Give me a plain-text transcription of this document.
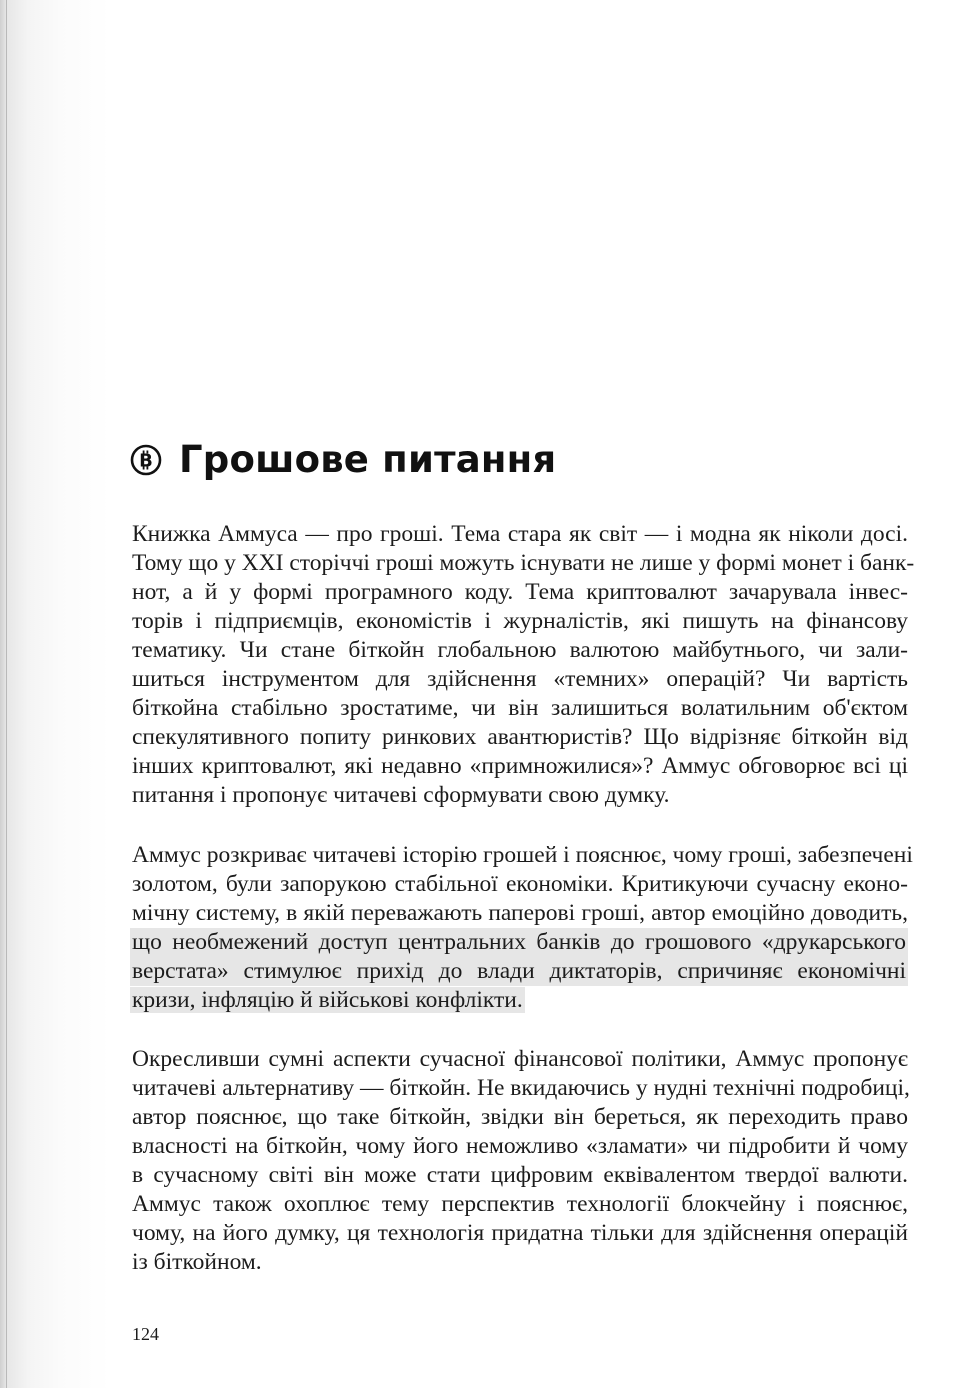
B Грошове питання
Книжка Аммуса — про гроші. Тема стара як світ — і модна як ніколи досі.
Тому що у XXI сторіччі гроші можуть існувати не лише у формі монет і банк-
нот, а й у формі програмного коду. Тема криптовалют зачарувала інвес-
торів і підприємців, економістів і журналістів, які пишуть на фінансову
тематику. Чи стане біткойн глобальною валютою майбутнього, чи зали-
шиться інструментом для здійснення «темних» операцій? Чи вартість
біткойна стабільно зростатиме, чи він залишиться волатильним об'єктом
спекулятивного попиту ринкових авантюристів? Що відрізняє біткойн від
інших криптовалют, які недавно «примножилися»? Аммус обговорює всі ці
питання і пропонує читачеві сформувати свою думку.
Аммус розкриває читачеві історію грошей і пояснює, чому гроші, забезпечені
золотом, були запорукою стабільної економіки. Критикуючи сучасну еконо-
мічну систему, в якій переважають паперові гроші, автор емоційно доводить,
що необмежений доступ центральних банків до грошового «друкарського
верстата» стимулює прихід до влади диктаторів, спричиняє економічні
кризи, інфляцію й військові конфлікти.
Окресливши сумні аспекти сучасної фінансової політики, Аммус пропонує
читачеві альтернативу — біткойн. Не вкидаючись у нудні технічні подробиці,
автор пояснює, що таке біткойн, звідки він береться, як переходить право
власності на біткойн, чому його неможливо «зламати» чи підробити й чому
в сучасному світі він може стати цифровим еквівалентом твердої валюти.
Аммус також охоплює тему перспектив технології блокчейну і пояснює,
чому, на його думку, ця технологія придатна тільки для здійснення операцій
із біткойном.
124
